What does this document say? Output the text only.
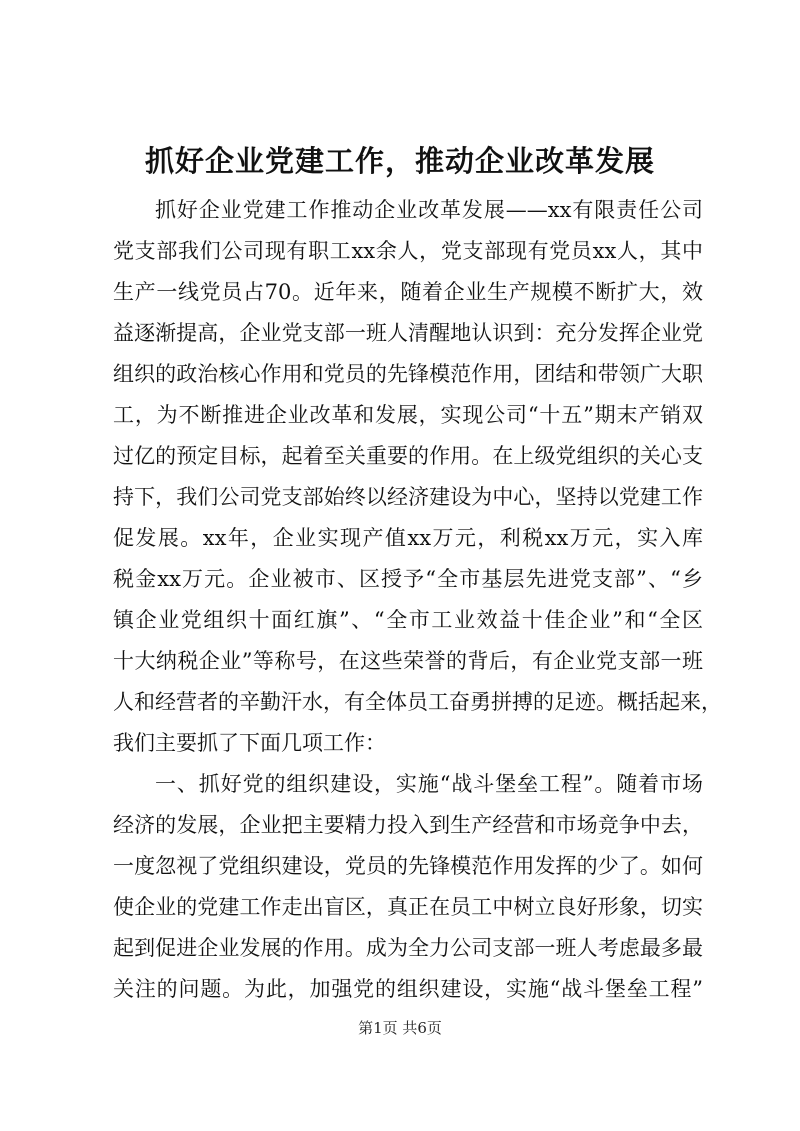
抓好企业党建工作，推动企业改革发展
抓好企业党建工作推动企业改革发展——xx有限责任公司
党支部我们公司现有职工xx余人，党支部现有党员xx人，其中
生产一线党员占70。近年来，随着企业生产规模不断扩大，效
益逐渐提高，企业党支部一班人清醒地认识到：充分发挥企业党
组织的政治核心作用和党员的先锋模范作用，团结和带领广大职
工，为不断推进企业改革和发展，实现公司“十五”期末产销双
过亿的预定目标，起着至关重要的作用。在上级党组织的关心支
持下，我们公司党支部始终以经济建设为中心，坚持以党建工作
促发展。xx年，企业实现产值xx万元，利税xx万元，实入库
税金xx万元。企业被市、区授予“全市基层先进党支部”、“乡
镇企业党组织十面红旗”、“全市工业效益十佳企业”和“全区
十大纳税企业”等称号，在这些荣誉的背后，有企业党支部一班
人和经营者的辛勤汗水，有全体员工奋勇拼搏的足迹。概括起来，
我们主要抓了下面几项工作：
一、抓好党的组织建设，实施“战斗堡垒工程”。随着市场
经济的发展，企业把主要精力投入到生产经营和市场竞争中去，
一度忽视了党组织建设，党员的先锋模范作用发挥的少了。如何
使企业的党建工作走出盲区，真正在员工中树立良好形象，切实
起到促进企业发展的作用。成为全力公司支部一班人考虑最多最
关注的问题。为此，加强党的组织建设，实施“战斗堡垒工程”
第1页 共6页
